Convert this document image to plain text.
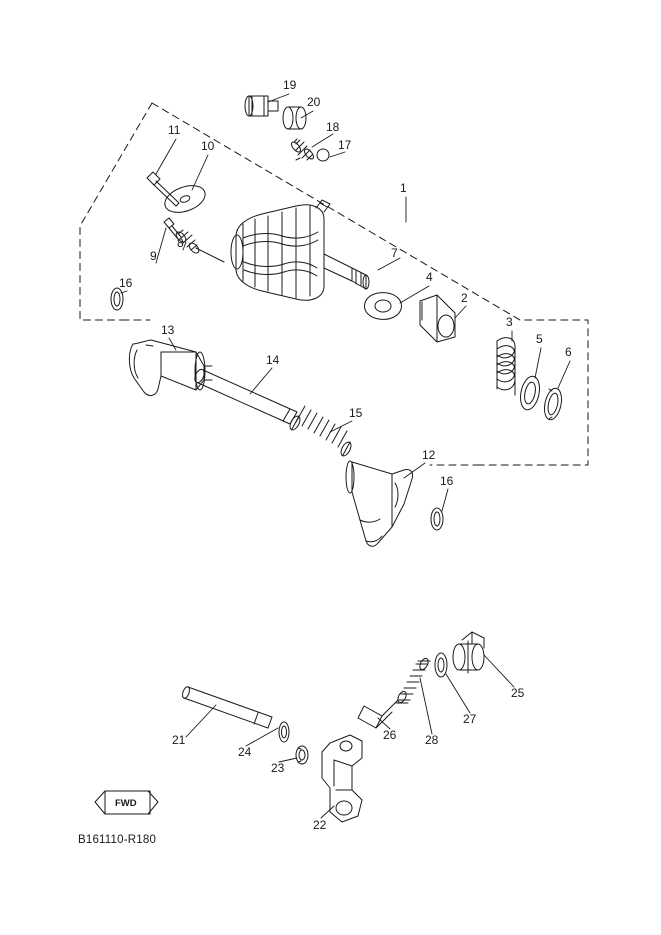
1
2
3
4
5
6
7
8
9
10
11
12
13
14
15
16
16
17
18
19
20
21
22
23
24
25
26
27
28
FWD
B161110-R180
